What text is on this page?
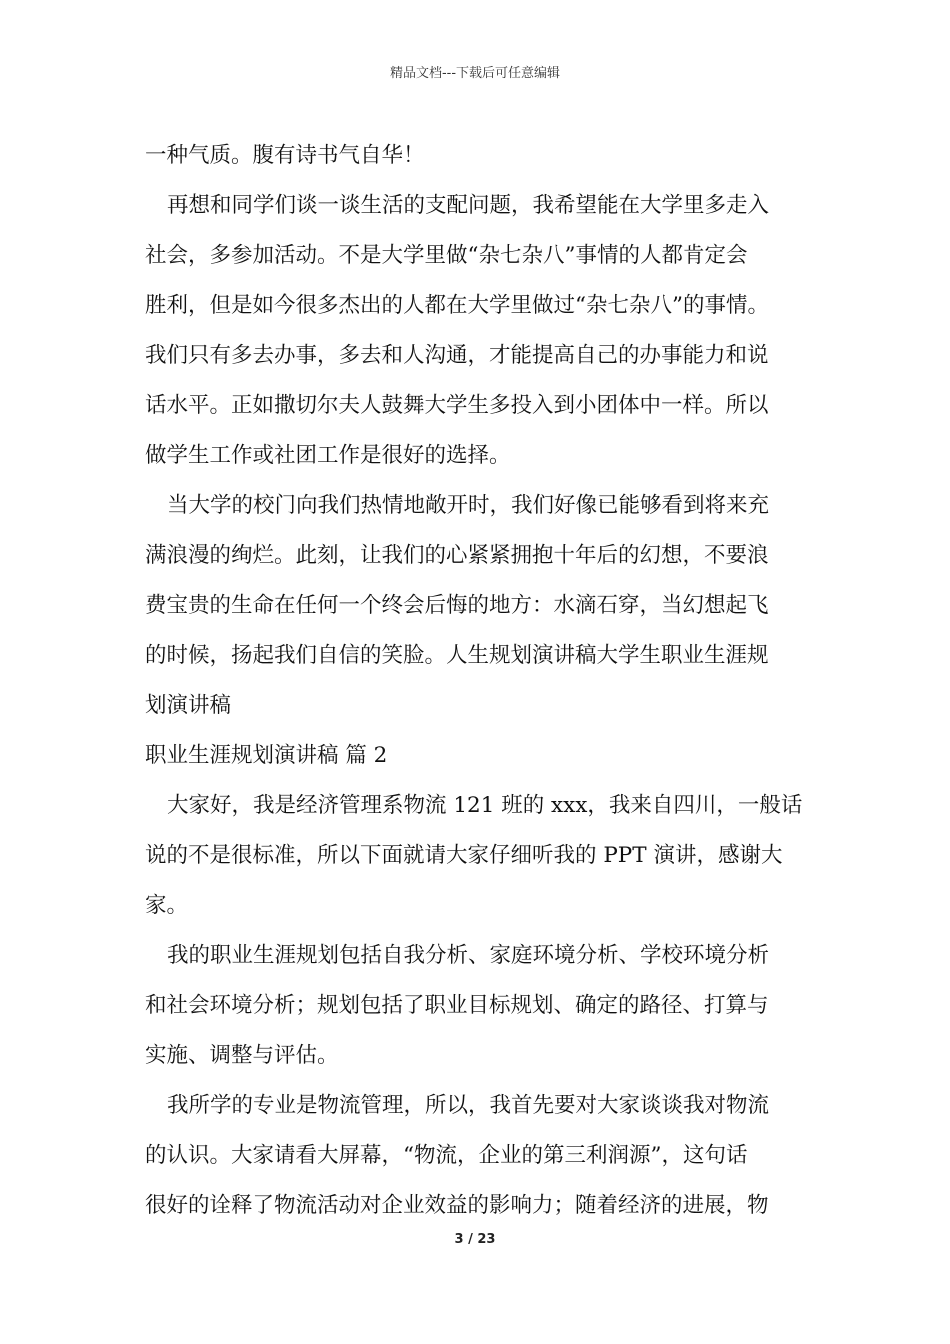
精品文档---下载后可任意编辑
一种气质。腹有诗书气自华！
再想和同学们谈一谈生活的支配问题，我希望能在大学里多走入
社会，多参加活动。不是大学里做“杂七杂八”事情的人都肯定会
胜利，但是如今很多杰出的人都在大学里做过“杂七杂八”的事情。
我们只有多去办事，多去和人沟通，才能提高自己的办事能力和说
话水平。正如撒切尔夫人鼓舞大学生多投入到小团体中一样。所以
做学生工作或社团工作是很好的选择。
当大学的校门向我们热情地敞开时，我们好像已能够看到将来充
满浪漫的绚烂。此刻，让我们的心紧紧拥抱十年后的幻想，不要浪
费宝贵的生命在任何一个终会后悔的地方：水滴石穿，当幻想起飞
的时候，扬起我们自信的笑脸。人生规划演讲稿大学生职业生涯规
划演讲稿
职业生涯规划演讲稿 篇 2
大家好，我是经济管理系物流 121 班的 xxx，我来自四川，一般话
说的不是很标准，所以下面就请大家仔细听我的 PPT 演讲，感谢大
家。
我的职业生涯规划包括自我分析、家庭环境分析、学校环境分析
和社会环境分析；规划包括了职业目标规划、确定的路径、打算与
实施、调整与评估。
我所学的专业是物流管理，所以，我首先要对大家谈谈我对物流
的认识。大家请看大屏幕，“物流，企业的第三利润源”，这句话
很好的诠释了物流活动对企业效益的影响力；随着经济的进展，物
3 / 23
